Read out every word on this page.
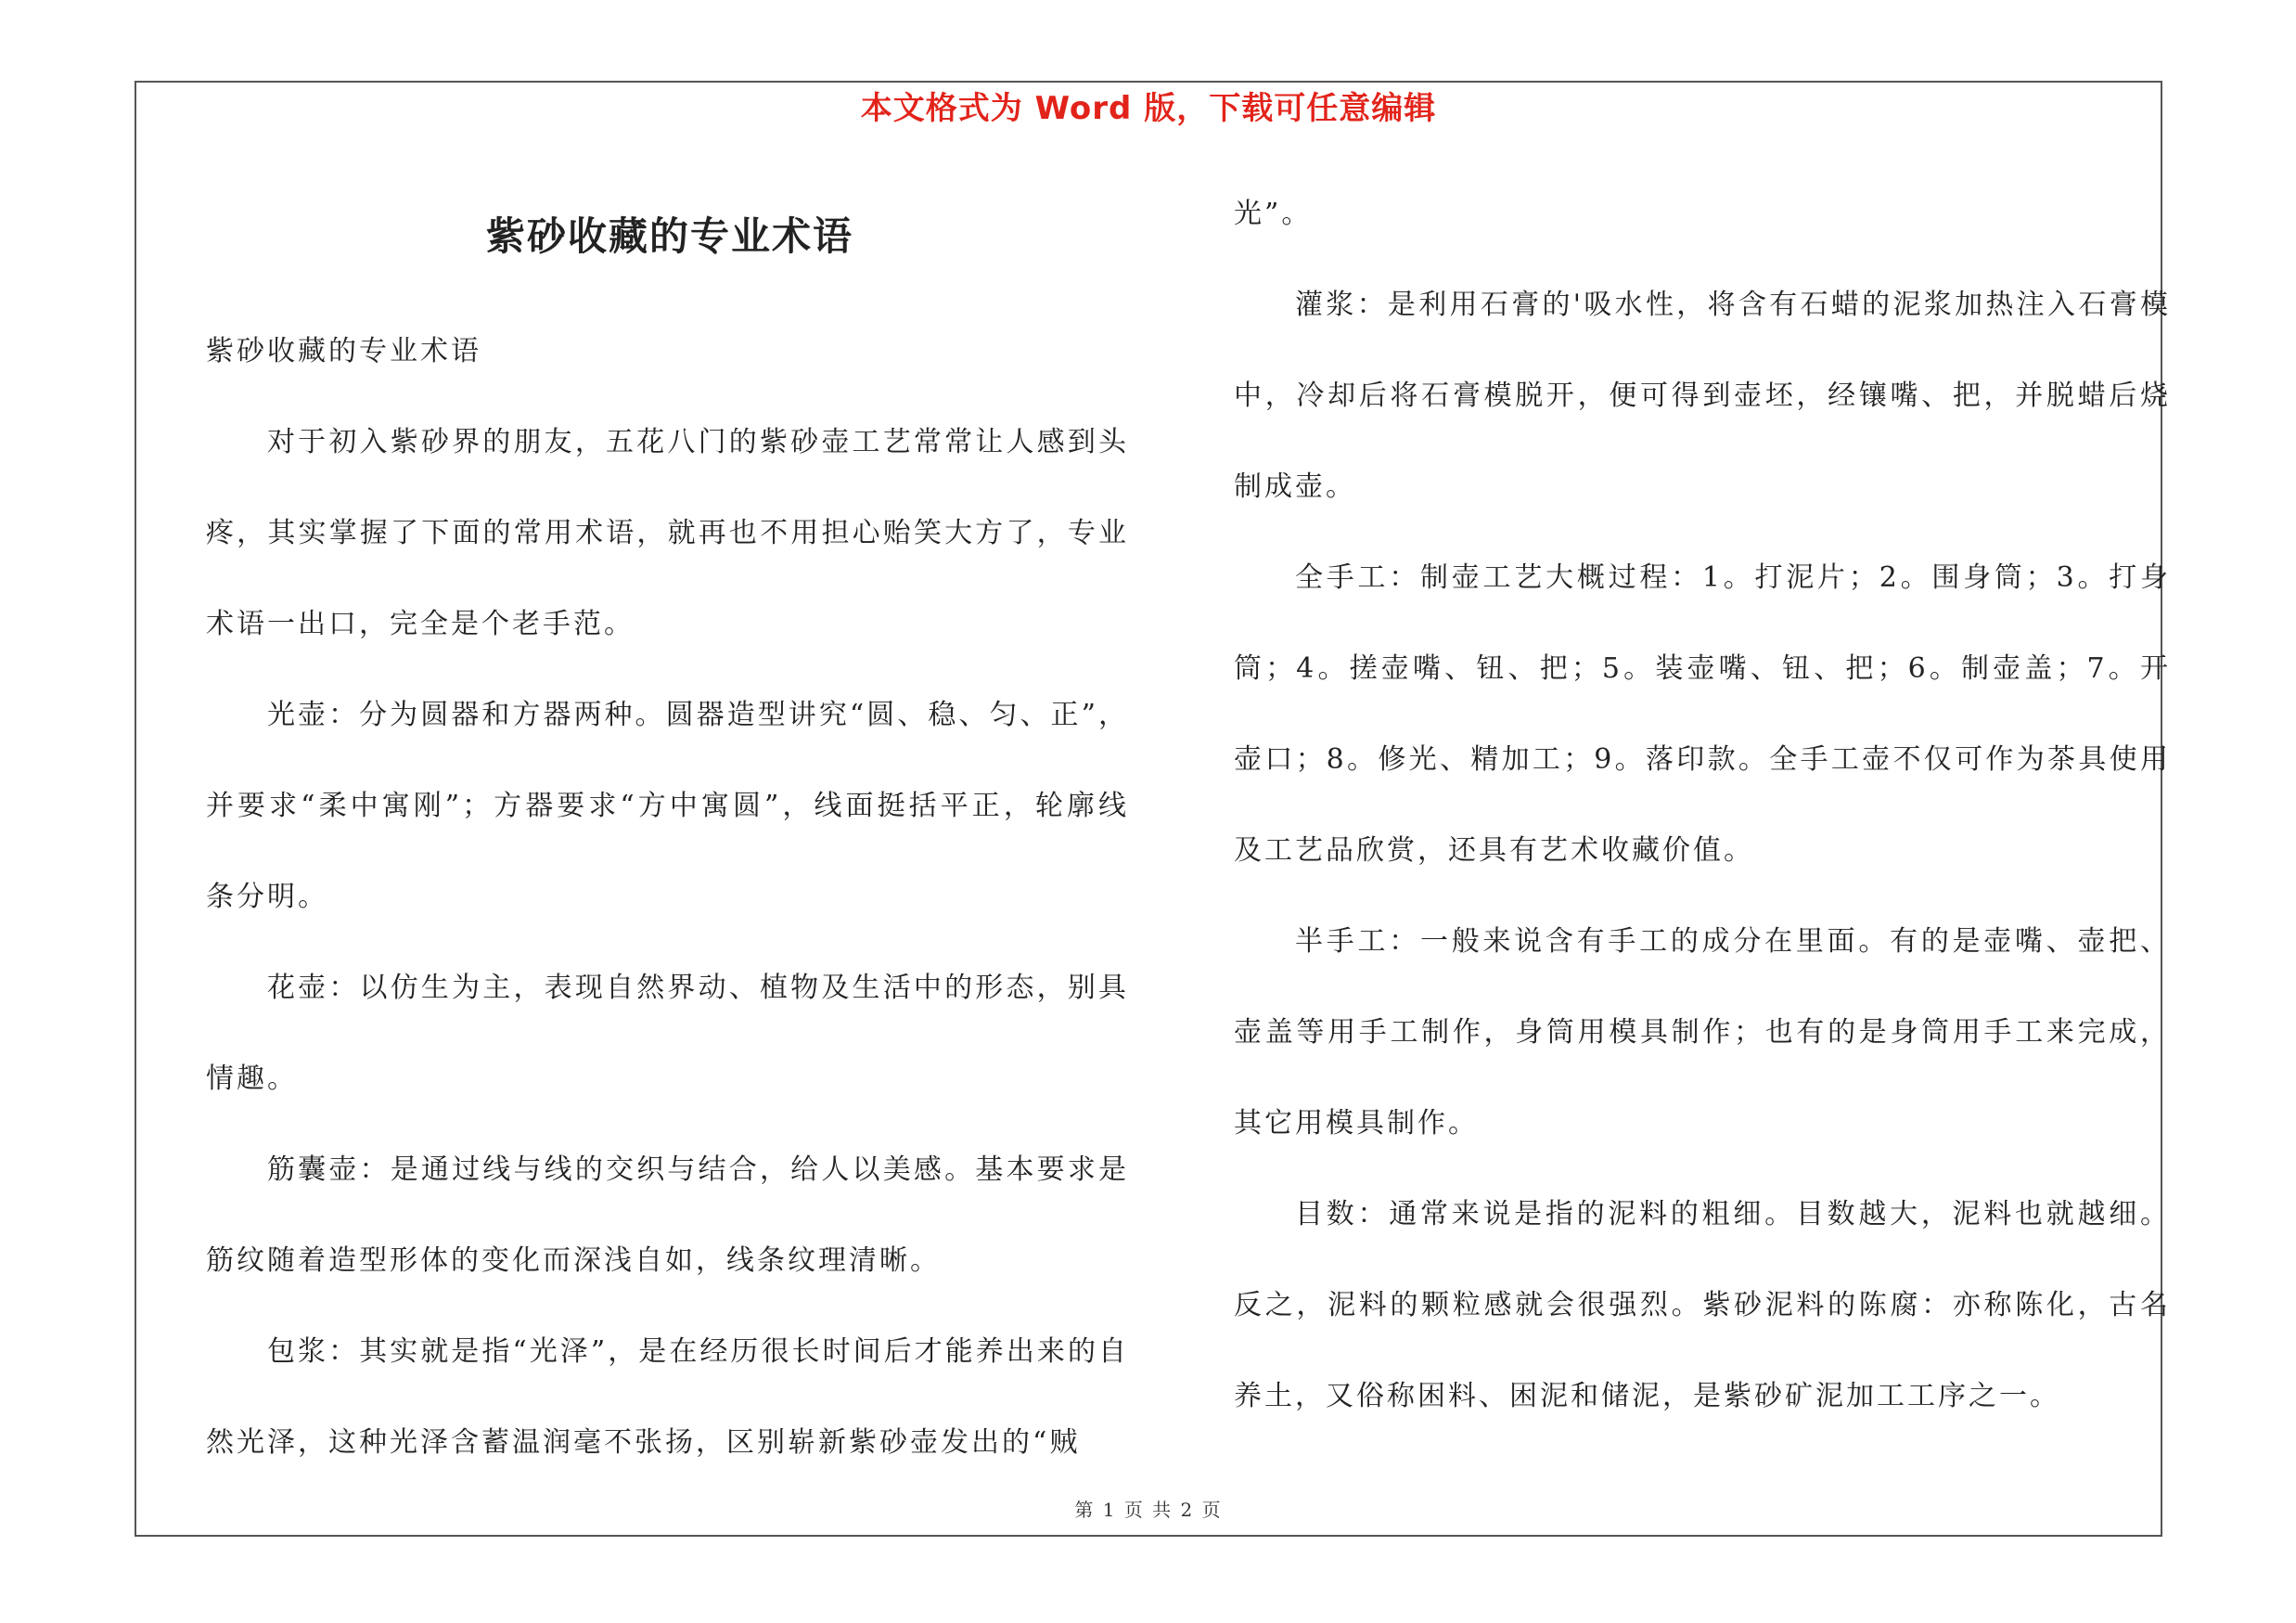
本文格式为 Word 版，下载可任意编辑
紫砂收藏的专业术语

紫砂收藏的专业术语

对于初入紫砂界的朋友，五花八门的紫砂壶工艺常常让人感到头疼，其实掌握了下面的常用术语，就再也不用担心贻笑大方了，专业术语一出口，完全是个老手范。

光壶：分为圆器和方器两种。圆器造型讲究“圆、稳、匀、正”，并要求“柔中寓刚”；方器要求“方中寓圆”，线面挺括平正，轮廓线条分明。

花壶：以仿生为主，表现自然界动、植物及生活中的形态，别具情趣。

筋囊壶：是通过线与线的交织与结合，给人以美感。基本要求是筋纹随着造型形体的变化而深浅自如，线条纹理清晰。

包浆：其实就是指“光泽”，是在经历很长时间后才能养出来的自然光泽，这种光泽含蓄温润毫不张扬，区别崭新紫砂壶发出的“贼

光”。

灌浆：是利用石膏的'吸水性，将含有石蜡的泥浆加热注入石膏模中，冷却后将石膏模脱开，便可得到壶坯，经镶嘴、把，并脱蜡后烧制成壶。

全手工：制壶工艺大概过程：1。打泥片；2。围身筒；3。打身筒；4。搓壶嘴、钮、把；5。装壶嘴、钮、把；6。制壶盖；7。开壶口；8。修光、精加工；9。落印款。全手工壶不仅可作为茶具使用及工艺品欣赏，还具有艺术收藏价值。

半手工：一般来说含有手工的成分在里面。有的是壶嘴、壶把、壶盖等用手工制作，身筒用模具制作；也有的是身筒用手工来完成，其它用模具制作。

目数：通常来说是指的泥料的粗细。目数越大，泥料也就越细。反之，泥料的颗粒感就会很强烈。紫砂泥料的陈腐：亦称陈化，古名养土，又俗称困料、困泥和储泥，是紫砂矿泥加工工序之一。

第 1 页 共 2 页
